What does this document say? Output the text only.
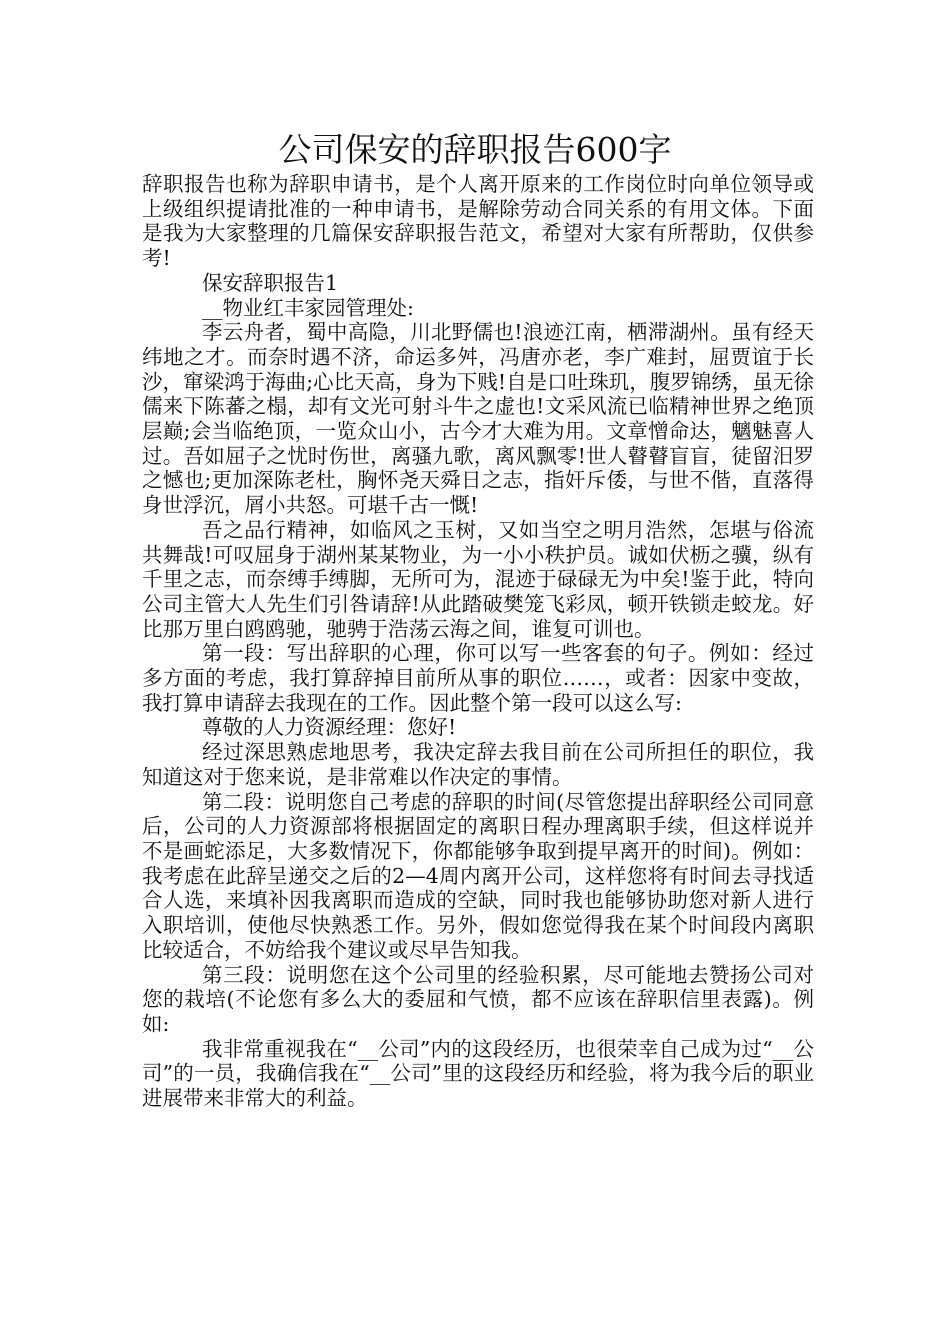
公司保安的辞职报告600字

辞职报告也称为辞职申请书，是个人离开原来的工作岗位时向单位领导或上级组织提请批准的一种申请书，是解除劳动合同关系的有用文体。下面是我为大家整理的几篇保安辞职报告范文，希望对大家有所帮助，仅供参考!

保安辞职报告1

__物业红丰家园管理处:

李云舟者，蜀中高隐，川北野儒也!浪迹江南，栖滞湖州。虽有经天纬地之才。而奈时遇不济，命运多舛，冯唐亦老，李广难封，屈贾谊于长沙，窜梁鸿于海曲;心比天高，身为下贱!自是口吐珠玑，腹罗锦绣，虽无徐儒来下陈蕃之榻，却有文光可射斗牛之虚也!文采风流已临精神世界之绝顶层巅;会当临绝顶，一览众山小，古今才大难为用。文章憎命达，魑魅喜人过。吾如屈子之忧时伤世，离骚九歌，离风飘零!世人瞽瞽盲盲，徒留汨罗之憾也;更加深陈老杜，胸怀尧天舜日之志，指奸斥倭，与世不偕，直落得身世浮沉，屑小共怒。可堪千古一慨!

吾之品行精神，如临风之玉树，又如当空之明月浩然，怎堪与俗流共舞哉!可叹屈身于湖州某某物业，为一小小秩护员。诚如伏枥之骥，纵有千里之志，而奈缚手缚脚，无所可为，混迹于碌碌无为中矣!鉴于此，特向公司主管大人先生们引咎请辞!从此踏破樊笼飞彩凤，顿开铁锁走蛟龙。好比那万里白鸥鸥驰，驰骋于浩荡云海之间，谁复可训也。

第一段：写出辞职的心理，你可以写一些客套的句子。例如：经过多方面的考虑，我打算辞掉目前所从事的职位……，或者：因家中变故，我打算申请辞去我现在的工作。因此整个第一段可以这么写:

尊敬的人力资源经理：您好!

经过深思熟虑地思考，我决定辞去我目前在公司所担任的职位，我知道这对于您来说，是非常难以作决定的事情。

第二段：说明您自己考虑的辞职的时间(尽管您提出辞职经公司同意后，公司的人力资源部将根据固定的离职日程办理离职手续，但这样说并不是画蛇添足，大多数情况下，你都能够争取到提早离开的时间)。例如：我考虑在此辞呈递交之后的2—4周内离开公司，这样您将有时间去寻找适合人选，来填补因我离职而造成的空缺，同时我也能够协助您对新人进行入职培训，使他尽快熟悉工作。另外，假如您觉得我在某个时间段内离职比较适合，不妨给我个建议或尽早告知我。

第三段：说明您在这个公司里的经验积累，尽可能地去赞扬公司对您的栽培(不论您有多么大的委屈和气愤，都不应该在辞职信里表露)。例如:

我非常重视我在“__公司”内的这段经历，也很荣幸自己成为过“__公司”的一员，我确信我在“__公司”里的这段经历和经验，将为我今后的职业进展带来非常大的利益。
